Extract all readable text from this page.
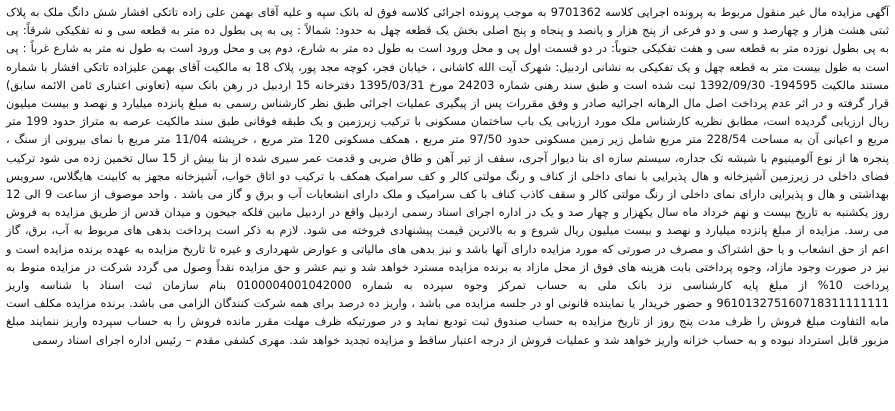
آگهی مزایده مال غیر منقول مربوط به پرونده اجرایی کلاسه 9701362 به موجب پرونده اجرائی کلاسه فوق له بانک سپه و علیه آقای بهمن علی زاده تاتکی افشار شش دانگ ملک به پلاک ثبتی هشت هزار و چهارصد و سی و دو فرعی از پنج هزار و پانصد و پنجاه و پنج اصلی بخش یک قطعه چهل به حدود: شمالاً : پی به پی بطول ده متر به قطعه سی و نه تفکیکی شرقاً: پی به پی بطول نوزده متر به قطعه سی و هفت تفکیکی جنوباً: در دو قسمت اول پی و محل ورود است به طول ده متر به شارع، دوم پی و محل ورود است به طول نه متر به شارع غرباً : پی است به طول بیست متر به قطعه چهل و یک تفکیکی به نشانی اردبیل: شهرک آیت الله کاشانی ، خیابان فجر، کوچه مجد پور، پلاک 18 به مالکیت آقای بهمن علیزاده تاتکی افشار با شماره مستند مالکیت 194595- 1392/09/30 ثبت شده است و طبق سند رهنی شماره 24203 مورخ 1395/03/31 دفترخانه 15 اردبیل در رهن بانک سپه (تعاونی اعتباری ثامن الائمه سابق) قرار گرفته و در اثر عدم پرداخت اصل مال الرهانه اجرائیه صادر و وفق مقررات پس از پیگیری عملیات اجرائی طبق نظر کارشناس رسمی به مبلغ پانزده میلیارد و نهصد و بیست میلیون ریال ارزیابی گردیده است، مطابق نظریه کارشناس ملک مورد ارزیابی یک باب ساختمان مسکونی با ترکیب زیرزمین و یک طبقه فوقانی طبق سند مالکیت عرصه به متراژ حدود 199 متر مربع و اعیانی آن به مساحت 228/54 متر مربع شامل زیر زمین مسکونی حدود 97/50 متر مربع ، همکف مسکونی 120 متر مربع ، خرپشته 11/04 متر مربع با نمای بیرونی از سنگ ، پنجره ها از نوع آلومینیوم با شیشه تک جداره، سیستم سازه ای بنا دیوار آجری، سقف از تیر آهن و طاق ضربی و قدمت عمر سیری شده از بنا بیش از 15 سال تخمین زده می شود ترکیب فضای داخلی در زیرزمین آشپزخانه و هال پذیرایی با نمای داخلی از کناف و رنگ مولتی کالر و کف سرامیک همکف با ترکیب دو اتاق خواب، آشپزخانه مجهز به کابینت هایگلاس، سرویس بهداشتی و هال و پذیرایی دارای نمای داخلی از رنگ مولتی کالر و سقف کاذب کناف با کف سرامیک و ملک دارای انشعابات آب و برق و گاز می باشد . واحد موصوف از ساعت 9 الی 12 روز یکشنبه به تاریخ بیست و نهم خرداد ماه سال یکهزار و چهار صد و یک در اداره اجرای اسناد رسمی اردبیل واقع در اردبیل مابین فلکه جیحون و میدان قدس از طریق مزایده به فروش می رسد. مزایده از مبلغ پانزده میلیارد و نهصد و بیست میلیون ریال شروع و به بالاترین قیمت پیشنهادی فروخته می شود. لازم به ذکر است پرداخت بدهی های مربوط به آب، برق، گاز اعم از حق انشعاب و یا حق اشتراک و مصرف در صورتی که مورد مزایده دارای آنها باشد و نیز بدهی های مالیاتی و عوارض شهرداری و غیره تا تاریخ مزایده به عهده برنده مزایده است و نیز در صورت وجود مازاد، وجوه پرداختی بابت هزینه های فوق از محل مازاد به برنده مزایده مسترد خواهد شد و نیم عشر و حق مزایده نقداً وصول می گردد شرکت در مزایده منوط به پرداخت 10% از مبلغ پایه کارشناسی نزد بانک ملی به حساب تمرکز وجوه سپرده به شماره 0100004001042000 بنام سازمان ثبت اسناد با شناسه واریز 961013275160718311111111 و حضور خریدار یا نماینده قانونی او در جلسه مزایده می باشد ، واریز ده درصد برای همه شرکت کنندگان الزامی می باشد. برنده مزایده مکلف است مابه التفاوت مبلغ فروش را ظرف مدت پنج روز از تاریخ مزایده به حساب صندوق ثبت تودیع نماید و در صورتیکه ظرف مهلت مقرر مانده فروش را به حساب سپرده واریز ننمایند مبلغ مزبور قابل استرداد نبوده و به حساب خزانه واریز خواهد شد و عملیات فروش از درجه اعتبار ساقط و مزایده تجدید خواهد شد. مهری کشفی مقدم – رئیس اداره اجرای اسناد رسمی
